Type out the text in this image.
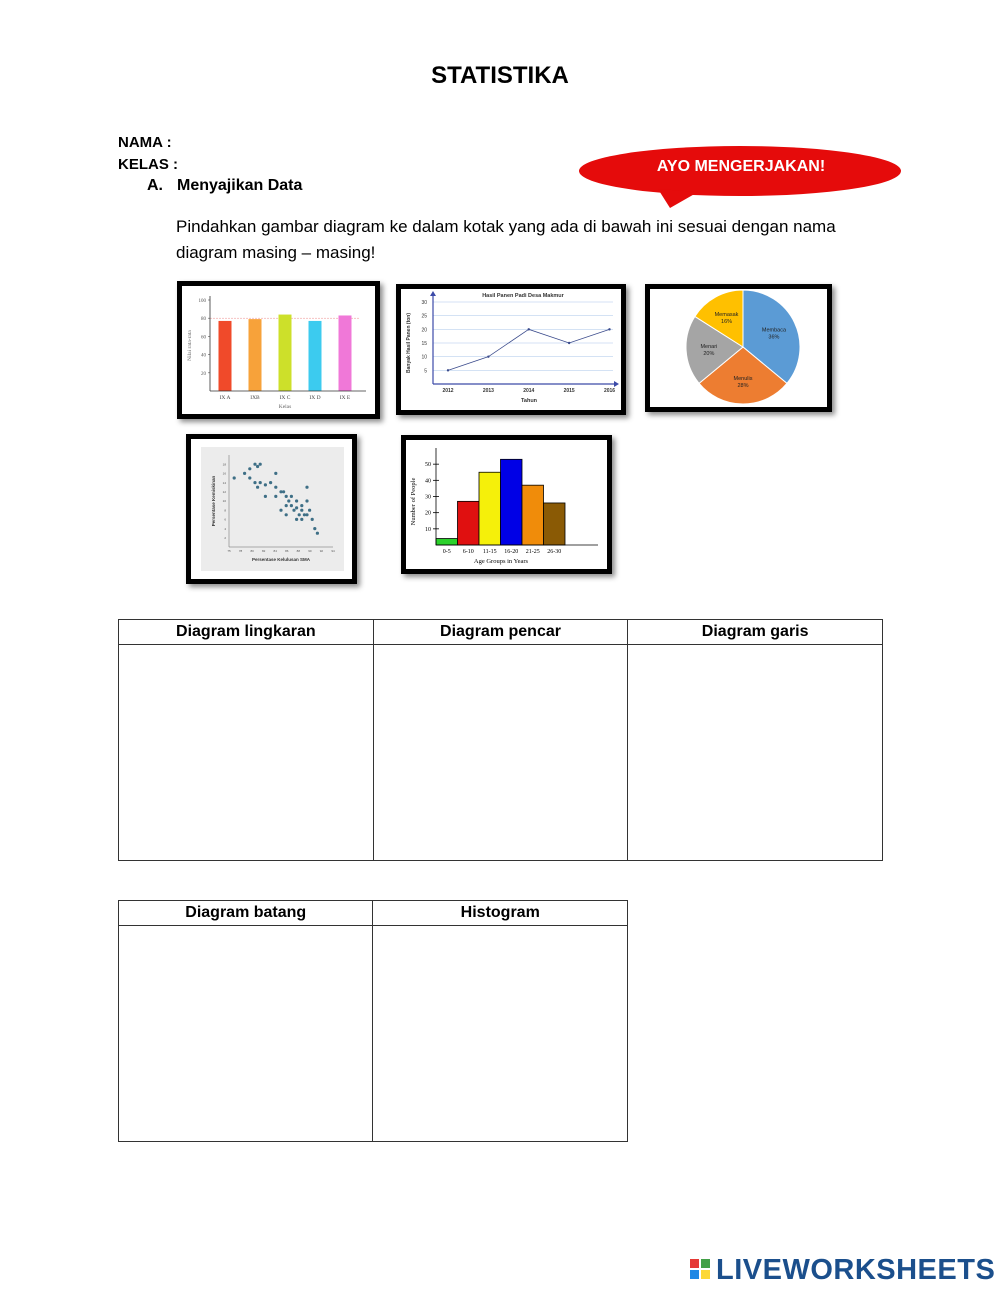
STATISTIKA
NAMA :
KELAS :	AYO MENGERJAKAN!
A. Menyajikan Data
Pindahkan gambar diagram ke dalam kotak yang ada di bawah ini sesuai dengan nama diagram masing – masing!
20
40
60
80
100
IX A	IXB	IX C	IX D	IX E
Kelas
Nilai rata-rata
Hasil Panen Padi Desa Makmur
5
10
15
20
25
30
2012	2013	2014	2015	2016
Tahun
Banyak Hasil Panen (ton)	Membaca
36%
Menulis
28%
Menari
20%
Memasak
16%
2
4
6
8
10
12
14
16
18
75	78	80	82	84	86	88	90	92	94
Persentase Kelulusan SMA
Persentase Kemiskinan
0-5 6-10 11-15 16-20 21-25 26-30
10
20
30
40
50
Age Groups in Years
Number of People
Diagram lingkaran	Diagram pencar	Diagram garis

Diagram batang	Histogram

LIVEWORKSHEETS
